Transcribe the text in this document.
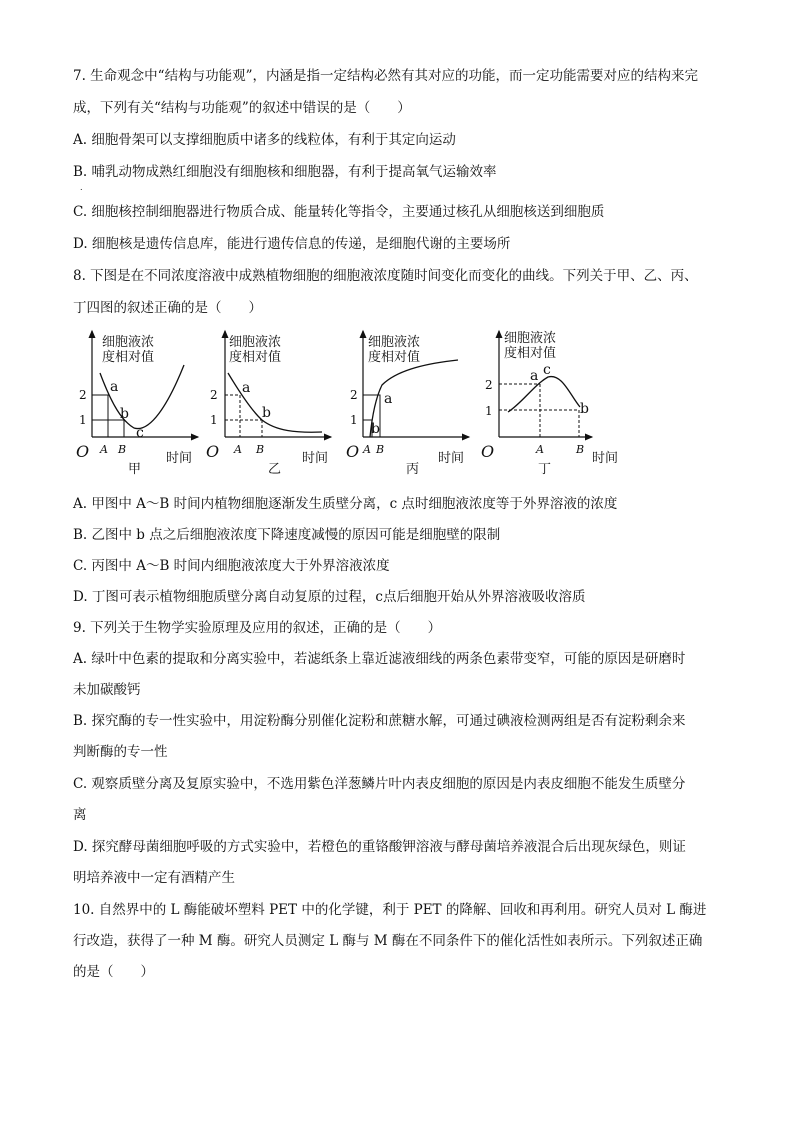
7. 生命观念中“结构与功能观”，内涵是指一定结构必然有其对应的功能，而一定功能需要对应的结构来完
成，下列有关“结构与功能观”的叙述中错误的是（　　）
A. 细胞骨架可以支撑细胞质中诸多的线粒体，有利于其定向运动
B. 哺乳动物成熟红细胞没有细胞核和细胞器，有利于提高氧气运输效率
.
C. 细胞核控制细胞器进行物质合成、能量转化等指令，主要通过核孔从细胞核送到细胞质
D. 细胞核是遗传信息库，能进行遗传信息的传递，是细胞代谢的主要场所
8. 下图是在不同浓度溶液中成熟植物细胞的细胞液浓度随时间变化而变化的曲线。下列关于甲、乙、丙、
丁四图的叙述正确的是（　　）
细胞液浓
度相对值
O
2
1
A B
a
b
c
时间
甲
细胞液浓
度相对值
O
2
1
A B
a
b
时间
乙
细胞液浓
度相对值
O
2
1
A B
b
a
时间
丙
细胞液浓
度相对值
O
2
1
A	B
a c
b
时间
丁
A. 甲图中 A～B 时间内植物细胞逐渐发生质壁分离，c 点时细胞液浓度等于外界溶液的浓度
B. 乙图中 b 点之后细胞液浓度下降速度减慢的原因可能是细胞壁的限制
C. 丙图中 A～B 时间内细胞液浓度大于外界溶液浓度
D. 丁图可表示植物细胞质壁分离自动复原的过程，c点后细胞开始从外界溶液吸收溶质
9. 下列关于生物学实验原理及应用的叙述，正确的是（　　）
A. 绿叶中色素的提取和分离实验中，若滤纸条上靠近滤液细线的两条色素带变窄，可能的原因是研磨时
未加碳酸钙
B. 探究酶的专一性实验中，用淀粉酶分别催化淀粉和蔗糖水解，可通过碘液检测两组是否有淀粉剩余来
判断酶的专一性
C. 观察质壁分离及复原实验中，不选用紫色洋葱鳞片叶内表皮细胞的原因是内表皮细胞不能发生质壁分
离
D. 探究酵母菌细胞呼吸的方式实验中，若橙色的重铬酸钾溶液与酵母菌培养液混合后出现灰绿色，则证
明培养液中一定有酒精产生
10. 自然界中的 L 酶能破坏塑料 PET 中的化学键，利于 PET 的降解、回收和再利用。研究人员对 L 酶进
行改造，获得了一种 M 酶。研究人员测定 L 酶与 M 酶在不同条件下的催化活性如表所示。下列叙述正确
的是（　　）
